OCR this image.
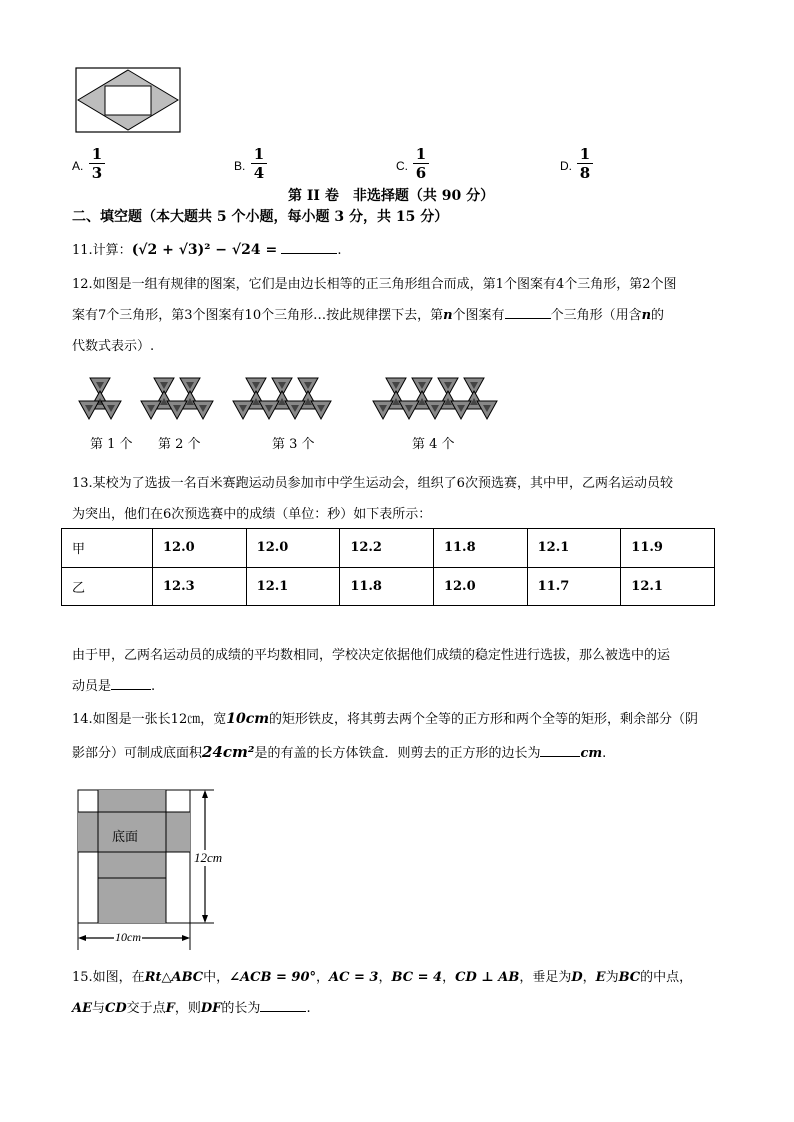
A.
1
3	B.
1
4	C.
1
6	D.
1
8
第 II 卷　非选择题（共 90 分）
二、填空题（本大题共 5 个小题，每小题 3 分，共 15 分）
11.计算：(√2 + √3)² − √24 =	.
12.如图是一组有规律的图案，它们是由边长相等的正三角形组合而成，第1个图案有4个三角形，第2个图
案有7个三角形，第3个图案有10个三角形…按此规律摆下去，第n个图案有	个三角形（用含n的
代数式表示）.
第 1 个 第 2 个	第 3 个	第 4 个
13.某校为了选拔一名百米赛跑运动员参加市中学生运动会，组织了6次预选赛，其中甲，乙两名运动员较
为突出，他们在6次预选赛中的成绩（单位：秒）如下表所示：
甲	12.0	12.0	12.2	11.8	12.1	11.9
乙	12.3	12.1	11.8	12.0	11.7	12.1
由于甲，乙两名运动员的成绩的平均数相同，学校决定依据他们成绩的稳定性进行选拔，那么被选中的运
动员是	.
14.如图是一张长12㎝，宽10cm的矩形铁皮，将其剪去两个全等的正方形和两个全等的矩形，剩余部分（阴
影部分）可制成底面积24cm²是的有盖的长方体铁盒．则剪去的正方形的边长为	cm.
底面
12cm
10cm
15.如图，在Rt△ABC中，∠ACB = 90°，AC = 3，BC = 4，CD ⊥ AB，垂足为D，E为BC的中点，
AE与CD交于点F，则DF的长为	.
